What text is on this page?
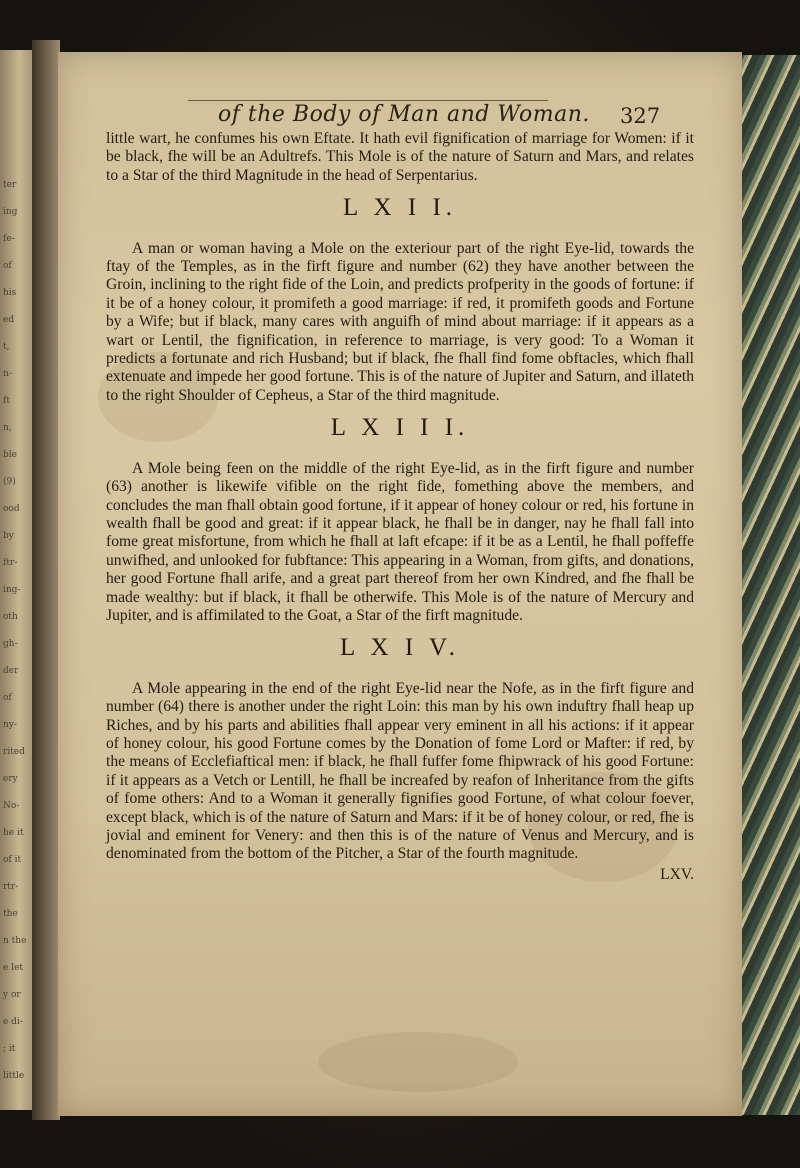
ter
ing
fe-
of
his
ed
t,
n-
ft
n,
ble
(9)
ood
by
ftr-
ing-
oth
gh-
der
of
ny-
rited
ery
No-
he it
of it
rtr-
the
n the
e let
y or
e di-
; it
little
of the Body of Man and Woman. 327

little wart, he confumes his own Eftate. It hath evil fignification of marriage for Women: if it be black, fhe will be an Adultrefs. This Mole is of the nature of Saturn and Mars, and relates to a Star of the third Magnitude in the head of Serpentarius.

L X I I.

A man or woman having a Mole on the exteriour part of the right Eye-lid, towards the ftay of the Temples, as in the firft figure and number (62) they have another between the Groin, inclining to the right fide of the Loin, and predicts profperity in the goods of fortune: if it be of a honey colour, it promifeth a good marriage: if red, it promifeth goods and Fortune by a Wife; but if black, many cares with anguifh of mind about marriage: if it appears as a wart or Lentil, the fignification, in reference to marriage, is very good: To a Woman it predicts a fortunate and rich Husband; but if black, fhe fhall find fome obftacles, which fhall extenuate and impede her good fortune. This is of the nature of Jupiter and Saturn, and illateth to the right Shoulder of Cepheus, a Star of the third magnitude.

L X I I I.

A Mole being feen on the middle of the right Eye-lid, as in the firft figure and number (63) another is likewife vifible on the right fide, fomething above the members, and concludes the man fhall obtain good fortune, if it appear of honey colour or red, his fortune in wealth fhall be good and great: if it appear black, he fhall be in danger, nay he fhall fall into fome great misfortune, from which he fhall at laft efcape: if it be as a Lentil, he fhall poffeffe unwifhed, and unlooked for fubftance: This appearing in a Woman, from gifts, and donations, her good Fortune fhall arife, and a great part thereof from her own Kindred, and fhe fhall be made wealthy: but if black, it fhall be otherwife. This Mole is of the nature of Mercury and Jupiter, and is affimilated to the Goat, a Star of the firft magnitude.

L X I V.

A Mole appearing in the end of the right Eye-lid near the Nofe, as in the firft figure and number (64) there is another under the right Loin: this man by his own induftry fhall heap up Riches, and by his parts and abilities fhall appear very eminent in all his actions: if it appear of honey colour, his good Fortune comes by the Donation of fome Lord or Mafter: if red, by the means of Ecclefiaftical men: if black, he fhall fuffer fome fhipwrack of his good Fortune: if it appears as a Vetch or Lentill, he fhall be increafed by reafon of Inheritance from the gifts of fome others: And to a Woman it generally fignifies good Fortune, of what colour foever, except black, which is of the nature of Saturn and Mars: if it be of honey colour, or red, fhe is jovial and eminent for Venery: and then this is of the nature of Venus and Mercury, and is denominated from the bottom of the Pitcher, a Star of the fourth magnitude.

LXV.
